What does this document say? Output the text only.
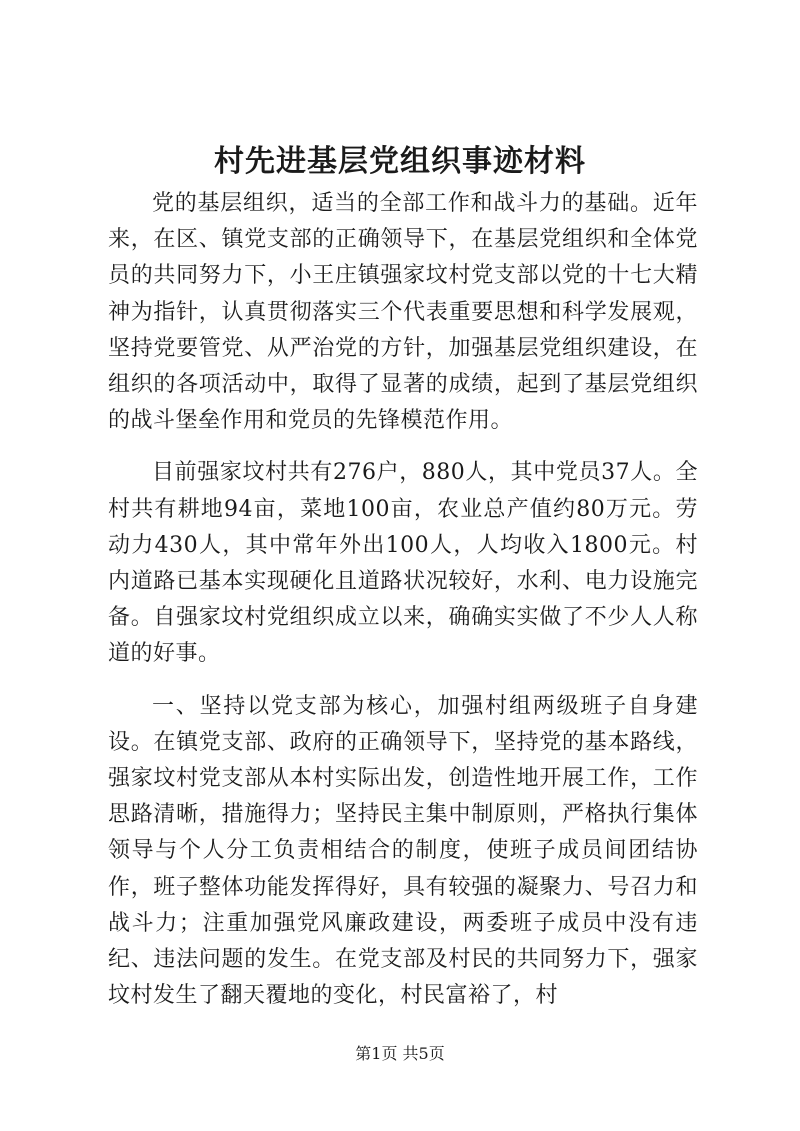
村先进基层党组织事迹材料

党的基层组织，适当的全部工作和战斗力的基础。近年来，在区、镇党支部的正确领导下，在基层党组织和全体党员的共同努力下，小王庄镇强家坟村党支部以党的十七大精神为指针，认真贯彻落实三个代表重要思想和科学发展观，坚持党要管党、从严治党的方针，加强基层党组织建设，在组织的各项活动中，取得了显著的成绩，起到了基层党组织的战斗堡垒作用和党员的先锋模范作用。

目前强家坟村共有276户，880人，其中党员37人。全村共有耕地94亩，菜地100亩，农业总产值约80万元。劳动力430人，其中常年外出100人，人均收入1800元。村内道路已基本实现硬化且道路状况较好，水利、电力设施完备。自强家坟村党组织成立以来，确确实实做了不少人人称道的好事。

一、坚持以党支部为核心，加强村组两级班子自身建设。在镇党支部、政府的正确领导下，坚持党的基本路线，强家坟村党支部从本村实际出发，创造性地开展工作，工作思路清晰，措施得力；坚持民主集中制原则，严格执行集体领导与个人分工负责相结合的制度，使班子成员间团结协作，班子整体功能发挥得好，具有较强的凝聚力、号召力和战斗力；注重加强党风廉政建设，两委班子成员中没有违纪、违法问题的发生。在党支部及村民的共同努力下，强家坟村发生了翻天覆地的变化，村民富裕了，村

第1页 共5页
